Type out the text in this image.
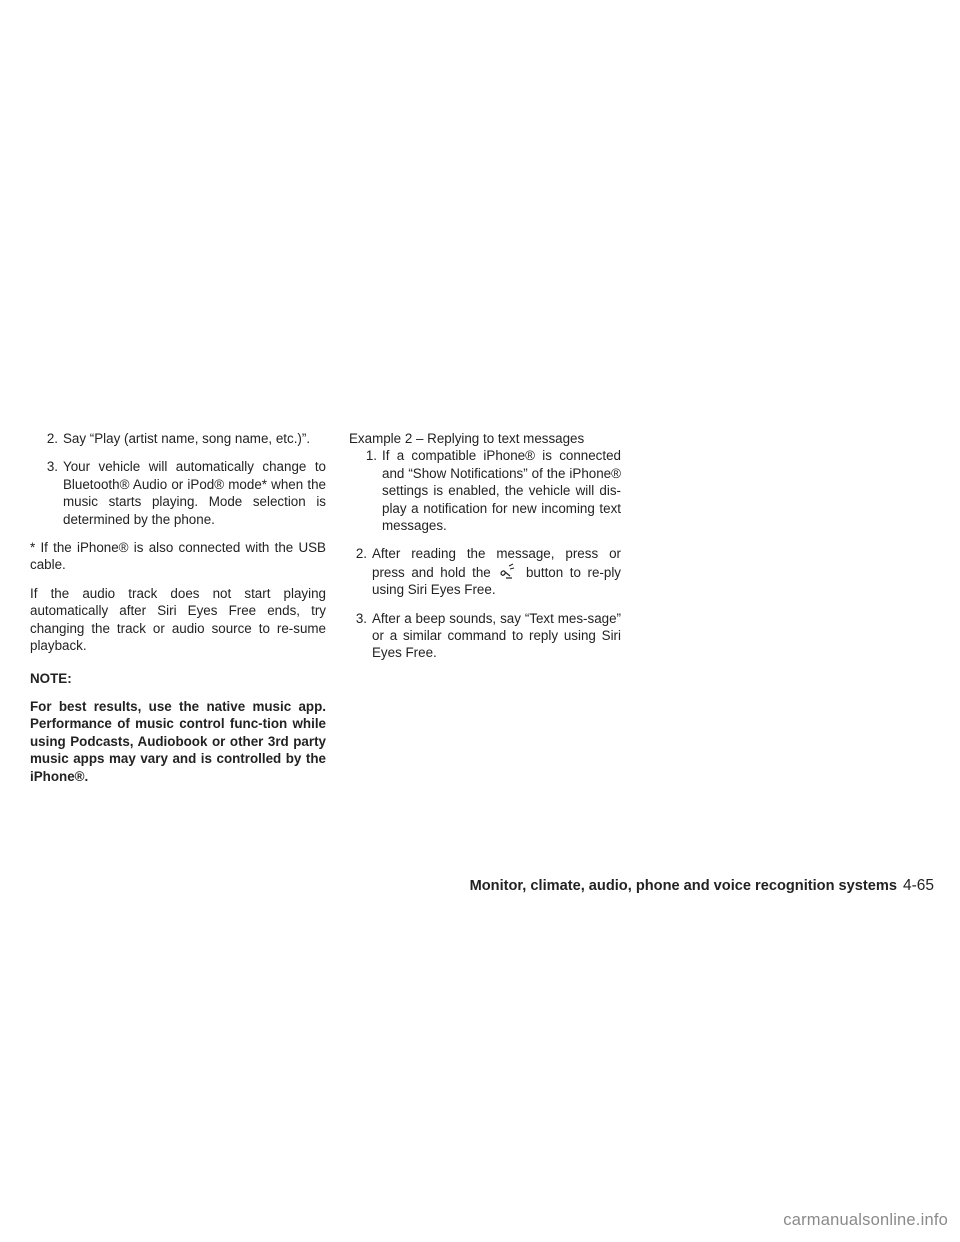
2. Say “Play (artist name, song name, etc.)”.
3. Your vehicle will automatically change to Bluetooth® Audio or iPod® mode* when the music starts playing. Mode selection is determined by the phone.

* If the iPhone® is also connected with the USB cable.

If the audio track does not start playing automatically after Siri Eyes Free ends, try changing the track or audio source to re-sume playback.

NOTE:
For best results, use the native music app. Performance of music control func-tion while using Podcasts, Audiobook or other 3rd party music apps may vary and is controlled by the iPhone®.

Example 2 – Replying to text messages

1. If a compatible iPhone® is connected and “Show Notifications” of the iPhone® settings is enabled, the vehicle will dis-play a notification for new incoming text messages.
2. After reading the message, press or press and hold the	button to re-ply using Siri Eyes Free.
3. After a beep sounds, say “Text mes-sage” or a similar command to reply using Siri Eyes Free.
Monitor, climate, audio, phone and voice recognition systems 4-65
carmanualsonline.info
